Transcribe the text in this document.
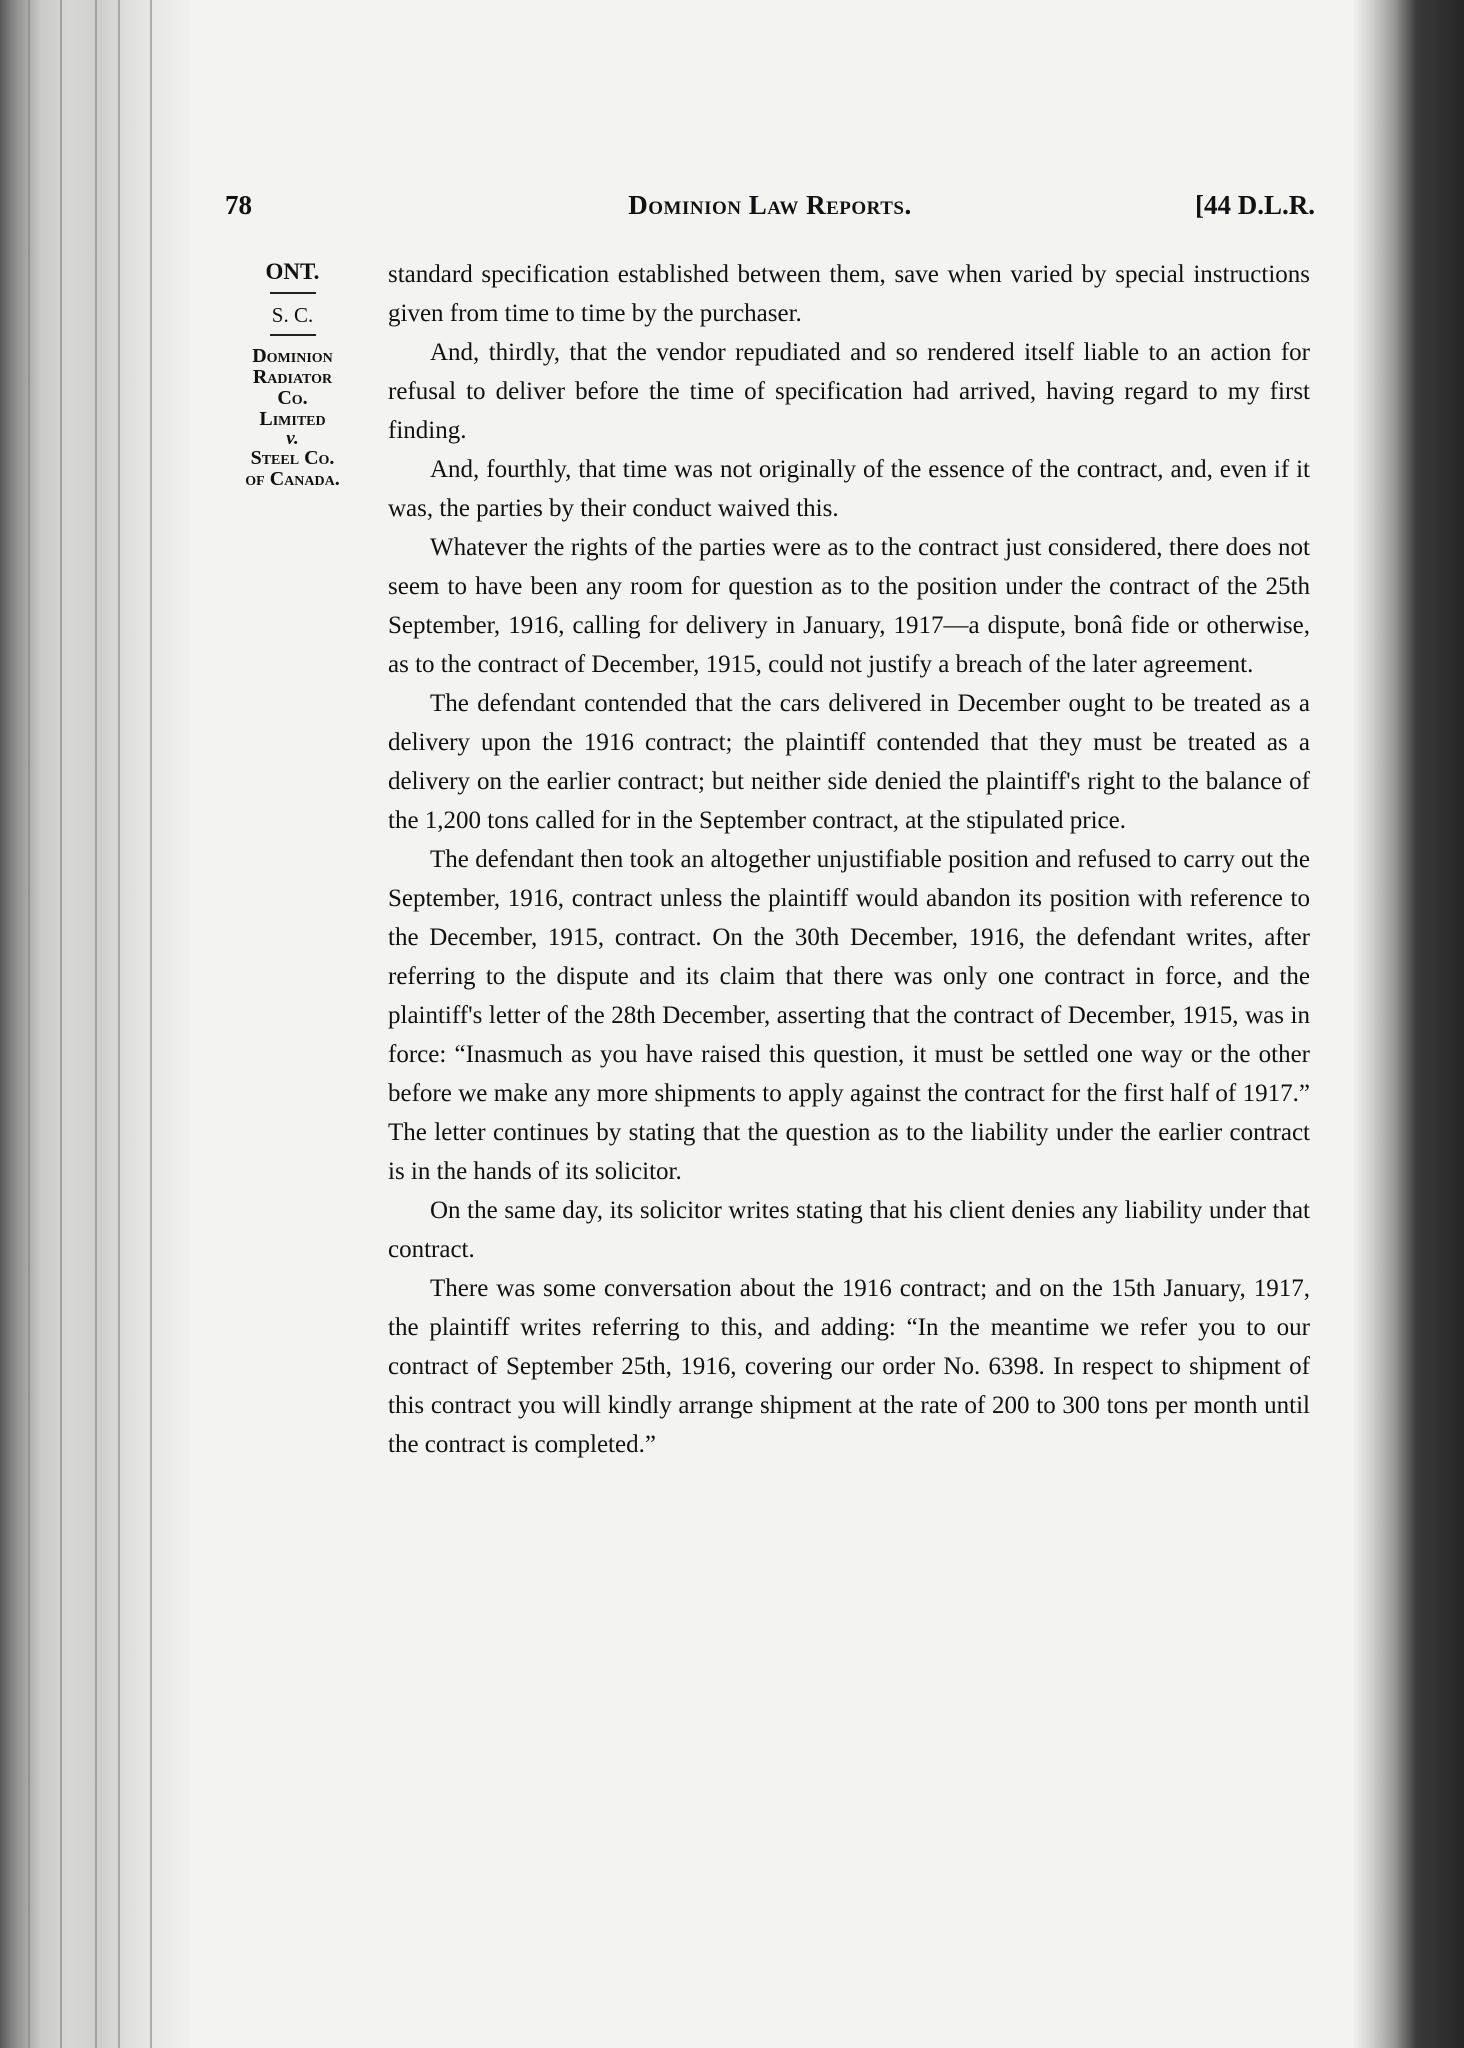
78	Dominion Law Reports.	[44 D.L.R.
ONT.
S. C.
Dominion
Radiator
Co.
Limited
v.
Steel Co.
of Canada.

standard specification established between them, save when varied by special instructions given from time to time by the purchaser.

And, thirdly, that the vendor repudiated and so rendered itself liable to an action for refusal to deliver before the time of specification had arrived, having regard to my first finding.

And, fourthly, that time was not originally of the essence of the contract, and, even if it was, the parties by their conduct waived this.

Whatever the rights of the parties were as to the contract just considered, there does not seem to have been any room for question as to the position under the contract of the 25th September, 1916, calling for delivery in January, 1917—a dispute, bonâ fide or otherwise, as to the contract of December, 1915, could not justify a breach of the later agreement.

The defendant contended that the cars delivered in December ought to be treated as a delivery upon the 1916 contract; the plaintiff contended that they must be treated as a delivery on the earlier contract; but neither side denied the plaintiff's right to the balance of the 1,200 tons called for in the September contract, at the stipulated price.

The defendant then took an altogether unjustifiable position and refused to carry out the September, 1916, contract unless the plaintiff would abandon its position with reference to the December, 1915, contract. On the 30th December, 1916, the defendant writes, after referring to the dispute and its claim that there was only one contract in force, and the plaintiff's letter of the 28th December, asserting that the contract of December, 1915, was in force: “Inasmuch as you have raised this question, it must be settled one way or the other before we make any more shipments to apply against the contract for the first half of 1917.” The letter continues by stating that the question as to the liability under the earlier contract is in the hands of its solicitor.

On the same day, its solicitor writes stating that his client denies any liability under that contract.

There was some conversation about the 1916 contract; and on the 15th January, 1917, the plaintiff writes referring to this, and adding: “In the meantime we refer you to our contract of September 25th, 1916, covering our order No. 6398. In respect to shipment of this contract you will kindly arrange shipment at the rate of 200 to 300 tons per month until the contract is completed.”
